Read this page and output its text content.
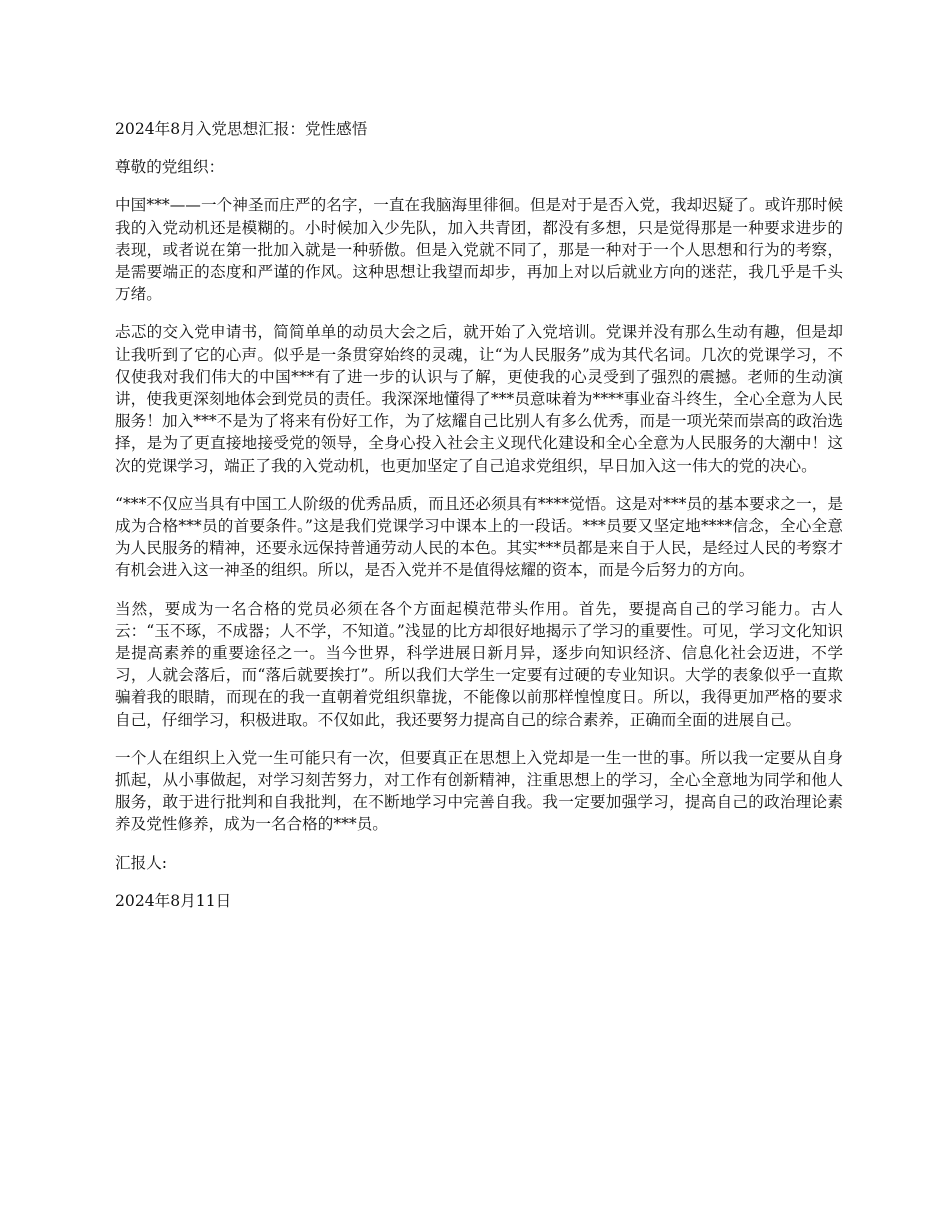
2024年8月入党思想汇报：党性感悟

尊敬的党组织：

中国***——一个神圣而庄严的名字，一直在我脑海里徘徊。但是对于是否入党，我却迟疑了。或许那时候我的入党动机还是模糊的。小时候加入少先队，加入共青团，都没有多想，只是觉得那是一种要求进步的表现，或者说在第一批加入就是一种骄傲。但是入党就不同了，那是一种对于一个人思想和行为的考察，是需要端正的态度和严谨的作风。这种思想让我望而却步，再加上对以后就业方向的迷茫，我几乎是千头万绪。

忐忑的交入党申请书，简简单单的动员大会之后，就开始了入党培训。党课并没有那么生动有趣，但是却让我听到了它的心声。似乎是一条贯穿始终的灵魂，让“为人民服务”成为其代名词。几次的党课学习，不仅使我对我们伟大的中国***有了进一步的认识与了解，更使我的心灵受到了强烈的震撼。老师的生动演讲，使我更深刻地体会到党员的责任。我深深地懂得了***员意味着为****事业奋斗终生，全心全意为人民服务！加入***不是为了将来有份好工作，为了炫耀自己比别人有多么优秀，而是一项光荣而崇高的政治选择，是为了更直接地接受党的领导，全身心投入社会主义现代化建设和全心全意为人民服务的大潮中！这次的党课学习，端正了我的入党动机，也更加坚定了自己追求党组织，早日加入这一伟大的党的决心。

“***不仅应当具有中国工人阶级的优秀品质，而且还必须具有****觉悟。这是对***员的基本要求之一，是成为合格***员的首要条件。”这是我们党课学习中课本上的一段话。***员要又坚定地****信念，全心全意为人民服务的精神，还要永远保持普通劳动人民的本色。其实***员都是来自于人民，是经过人民的考察才有机会进入这一神圣的组织。所以，是否入党并不是值得炫耀的资本，而是今后努力的方向。

当然，要成为一名合格的党员必须在各个方面起模范带头作用。首先，要提高自己的学习能力。古人云：“玉不琢，不成器；人不学，不知道。”浅显的比方却很好地揭示了学习的重要性。可见，学习文化知识是提高素养的重要途径之一。当今世界，科学进展日新月异，逐步向知识经济、信息化社会迈进，不学习，人就会落后，而“落后就要挨打”。所以我们大学生一定要有过硬的专业知识。大学的表象似乎一直欺骗着我的眼睛，而现在的我一直朝着党组织靠拢，不能像以前那样惶惶度日。所以，我得更加严格的要求自己，仔细学习，积极进取。不仅如此，我还要努力提高自己的综合素养，正确而全面的进展自己。

一个人在组织上入党一生可能只有一次，但要真正在思想上入党却是一生一世的事。所以我一定要从自身抓起，从小事做起，对学习刻苦努力，对工作有创新精神，注重思想上的学习，全心全意地为同学和他人服务，敢于进行批判和自我批判，在不断地学习中完善自我。我一定要加强学习，提高自己的政治理论素养及党性修养，成为一名合格的***员。

汇报人:

2024年8月11日
